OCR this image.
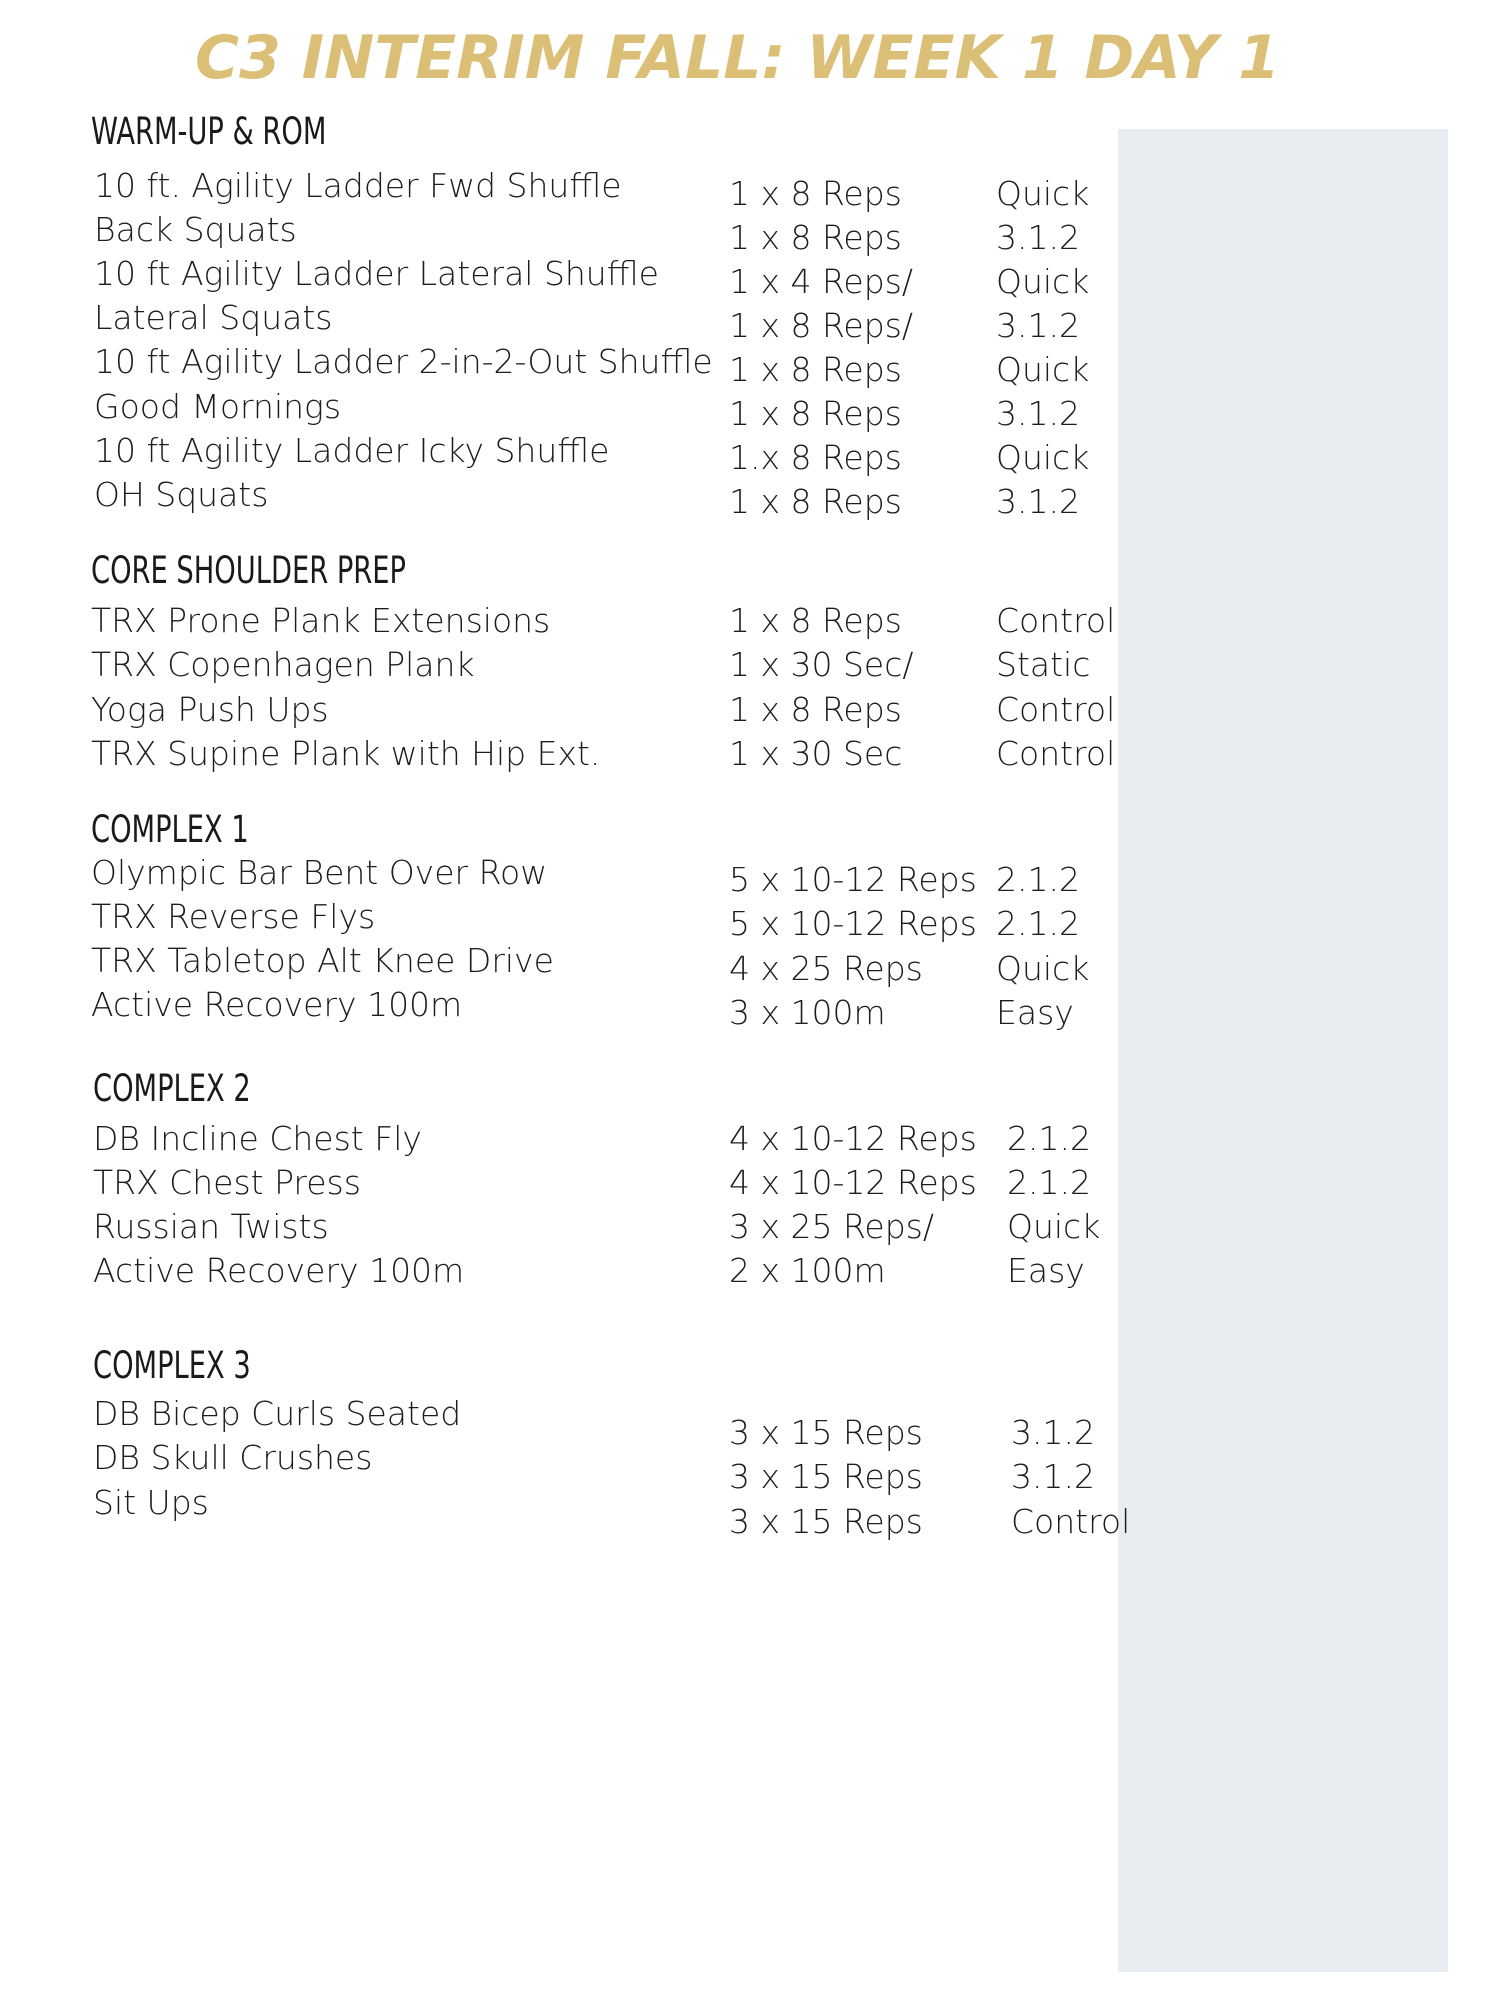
C3 INTERIM FALL: WEEK 1 DAY 1
WARM-UP & ROM
10 ft. Agility Ladder Fwd Shuffle	1 x 8 Reps	Quick
Back Squats	1 x 8 Reps	3.1.2
10 ft Agility Ladder Lateral Shuffle 1 x 4 Reps/	Quick
Lateral Squats	1 x 8 Reps/	3.1.2
10 ft Agility Ladder 2-in-2-Out Shuffle 1 x 8 Reps	Quick
Good Mornings	1 x 8 Reps	3.1.2
10 ft Agility Ladder Icky Shuffle	1.x 8 Reps	Quick
OH Squats	1 x 8 Reps	3.1.2
CORE SHOULDER PREP
TRX Prone Plank Extensions	1 x 8 Reps	Control
TRX Copenhagen Plank	1 x 30 Sec/	Static
Yoga Push Ups	1 x 8 Reps	Control
TRX Supine Plank with Hip Ext.	1 x 30 Sec	Control
COMPLEX 1
Olympic Bar Bent Over Row	5 x 10-12 Reps 2.1.2
TRX Reverse Flys	5 x 10-12 Reps 2.1.2
TRX Tabletop Alt Knee Drive	4 x 25 Reps Quick
Active Recovery 100m	3 x 100m	Easy
COMPLEX 2
DB Incline Chest Fly	4 x 10-12 Reps 2.1.2
TRX Chest Press	4 x 10-12 Reps 2.1.2
Russian Twists	3 x 25 Reps/ Quick
Active Recovery 100m	2 x 100m	Easy
COMPLEX 3
DB Bicep Curls Seated	3 x 15 Reps	3.1.2
DB Skull Crushes	3 x 15 Reps	3.1.2
Sit Ups	3 x 15 Reps	Control
